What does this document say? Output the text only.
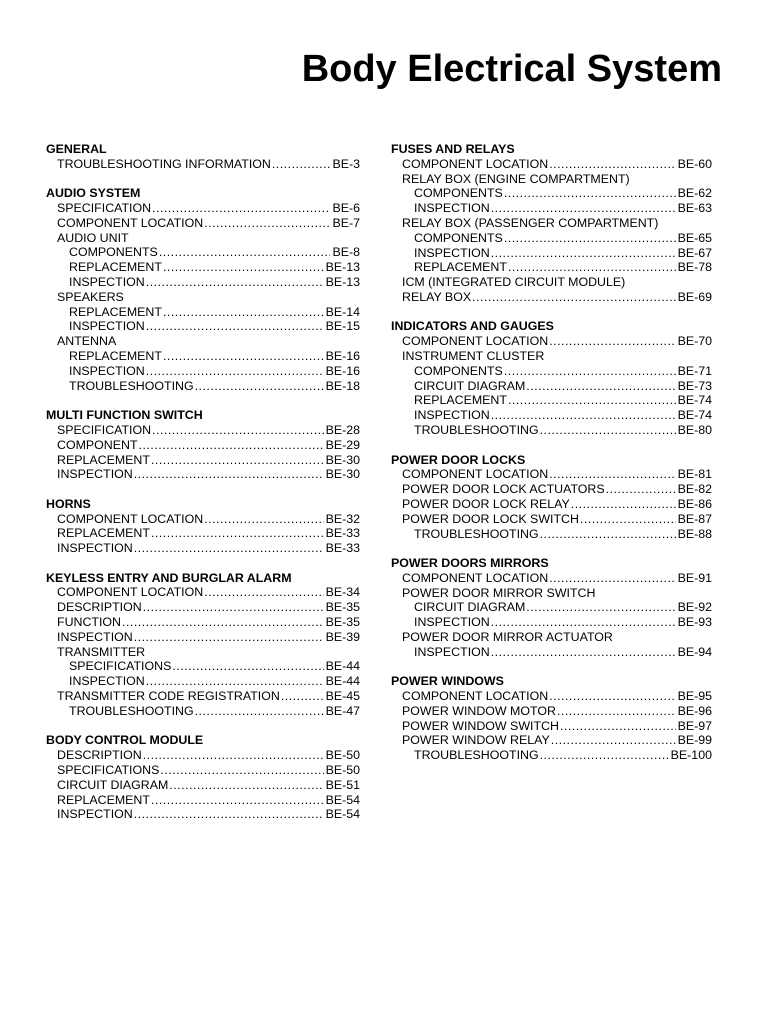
Body Electrical System
GENERAL
TROUBLESHOOTING INFORMATION .....	BE-3
AUDIO SYSTEM
SPECIFICATION .....	BE-6
COMPONENT LOCATION .....	BE-7
AUDIO UNIT
COMPONENTS .....	BE-8
REPLACEMENT .....	BE-13
INSPECTION .....	BE-13
SPEAKERS
REPLACEMENT .....	BE-14
INSPECTION .....	BE-15
ANTENNA
REPLACEMENT .....	BE-16
INSPECTION .....	BE-16
TROUBLESHOOTING .....	BE-18
MULTI FUNCTION SWITCH
SPECIFICATION .....	BE-28
COMPONENT .....	BE-29
REPLACEMENT .....	BE-30
INSPECTION .....	BE-30
HORNS
COMPONENT LOCATION .....	BE-32
REPLACEMENT .....	BE-33
INSPECTION .....	BE-33
KEYLESS ENTRY AND BURGLAR ALARM
COMPONENT LOCATION .....	BE-34
DESCRIPTION .....	BE-35
FUNCTION .....	BE-35
INSPECTION .....	BE-39
TRANSMITTER
SPECIFICATIONS .....	BE-44
INSPECTION .....	BE-44
TRANSMITTER CODE REGISTRATION .....	BE-45
TROUBLESHOOTING .....	BE-47
BODY CONTROL MODULE
DESCRIPTION .....	BE-50
SPECIFICATIONS .....	BE-50
CIRCUIT DIAGRAM .....	BE-51
REPLACEMENT .....	BE-54
INSPECTION .....	BE-54
FUSES AND RELAYS
COMPONENT LOCATION .....	BE-60
RELAY BOX (ENGINE COMPARTMENT)
COMPONENTS .....	BE-62
INSPECTION .....	BE-63
RELAY BOX (PASSENGER COMPARTMENT)
COMPONENTS .....	BE-65
INSPECTION .....	BE-67
REPLACEMENT .....	BE-78
ICM (INTEGRATED CIRCUIT MODULE)
RELAY BOX .....	BE-69
INDICATORS AND GAUGES
COMPONENT LOCATION .....	BE-70
INSTRUMENT CLUSTER
COMPONENTS .....	BE-71
CIRCUIT DIAGRAM .....	BE-73
REPLACEMENT .....	BE-74
INSPECTION .....	BE-74
TROUBLESHOOTING .....	BE-80
POWER DOOR LOCKS
COMPONENT LOCATION .....	BE-81
POWER DOOR LOCK ACTUATORS .....	BE-82
POWER DOOR LOCK RELAY .....	BE-86
POWER DOOR LOCK SWITCH .....	BE-87
TROUBLESHOOTING .....	BE-88
POWER DOORS MIRRORS
COMPONENT LOCATION .....	BE-91
POWER DOOR MIRROR SWITCH
CIRCUIT DIAGRAM .....	BE-92
INSPECTION .....	BE-93
POWER DOOR MIRROR ACTUATOR
INSPECTION .....	BE-94
POWER WINDOWS
COMPONENT LOCATION .....	BE-95
POWER WINDOW MOTOR .....	BE-96
POWER WINDOW SWITCH .....	BE-97
POWER WINDOW RELAY .....	BE-99
TROUBLESHOOTING .....	BE-100
